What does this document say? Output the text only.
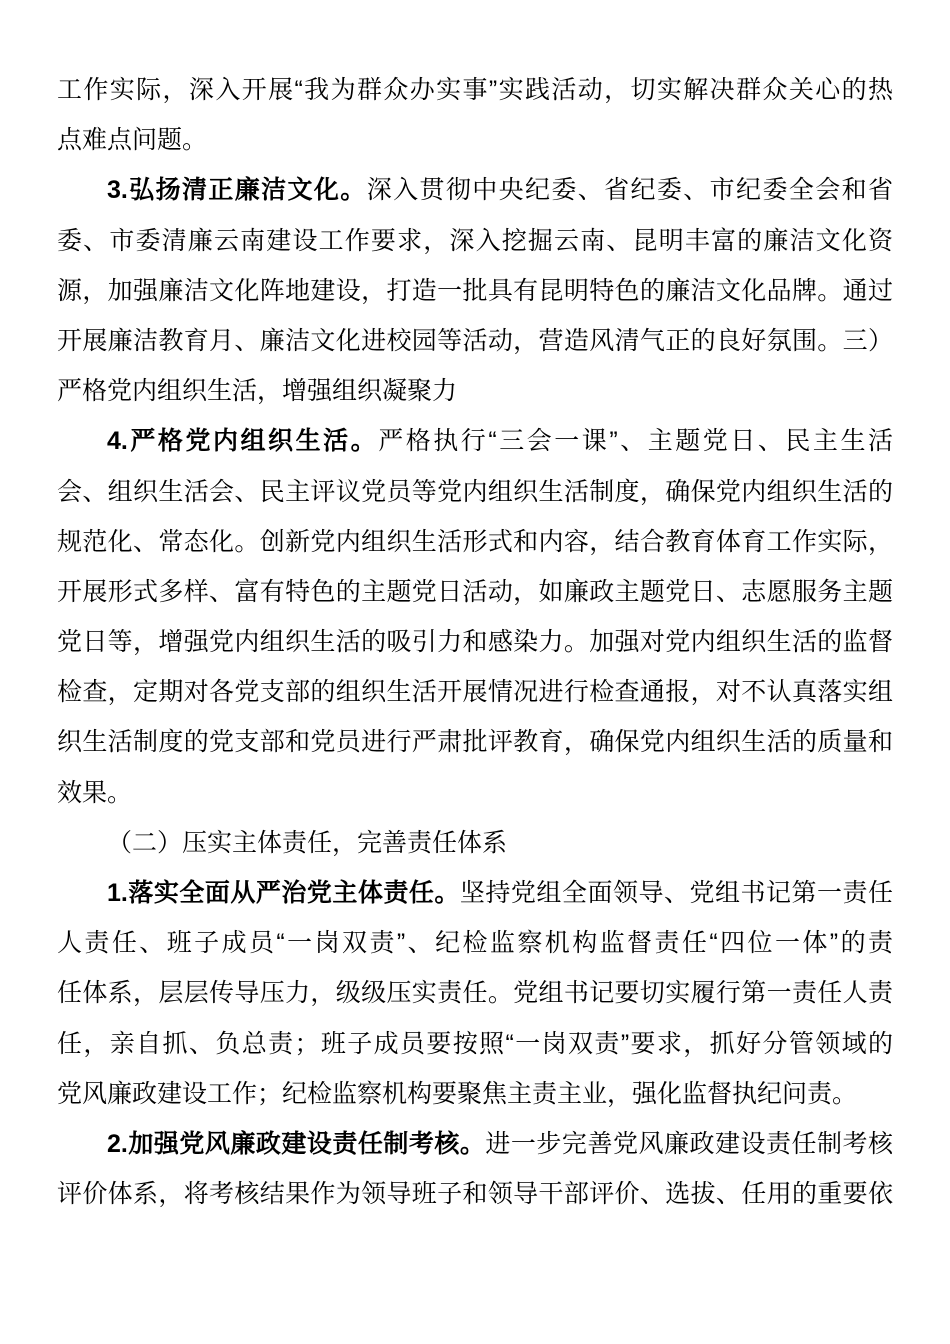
工作实际，深入开展“我为群众办实事”实践活动，切实解决群众关心的热
点难点问题。
3.弘扬清正廉洁文化。深入贯彻中央纪委、省纪委、市纪委全会和省
委、市委清廉云南建设工作要求，深入挖掘云南、昆明丰富的廉洁文化资
源，加强廉洁文化阵地建设，打造一批具有昆明特色的廉洁文化品牌。通过
开展廉洁教育月、廉洁文化进校园等活动，营造风清气正的良好氛围。三）
严格党内组织生活，增强组织凝聚力
4.严格党内组织生活。严格执行“三会一课”、主题党日、民主生活
会、组织生活会、民主评议党员等党内组织生活制度，确保党内组织生活的
规范化、常态化。创新党内组织生活形式和内容，结合教育体育工作实际，
开展形式多样、富有特色的主题党日活动，如廉政主题党日、志愿服务主题
党日等，增强党内组织生活的吸引力和感染力。加强对党内组织生活的监督
检查，定期对各党支部的组织生活开展情况进行检查通报，对不认真落实组
织生活制度的党支部和党员进行严肃批评教育，确保党内组织生活的质量和
效果。
（二）压实主体责任，完善责任体系
1.落实全面从严治党主体责任。坚持党组全面领导、党组书记第一责任
人责任、班子成员“一岗双责”、纪检监察机构监督责任“四位一体”的责
任体系，层层传导压力，级级压实责任。党组书记要切实履行第一责任人责
任，亲自抓、负总责；班子成员要按照“一岗双责”要求，抓好分管领域的
党风廉政建设工作；纪检监察机构要聚焦主责主业，强化监督执纪问责。
2.加强党风廉政建设责任制考核。进一步完善党风廉政建设责任制考核
评价体系，将考核结果作为领导班子和领导干部评价、选拔、任用的重要依
